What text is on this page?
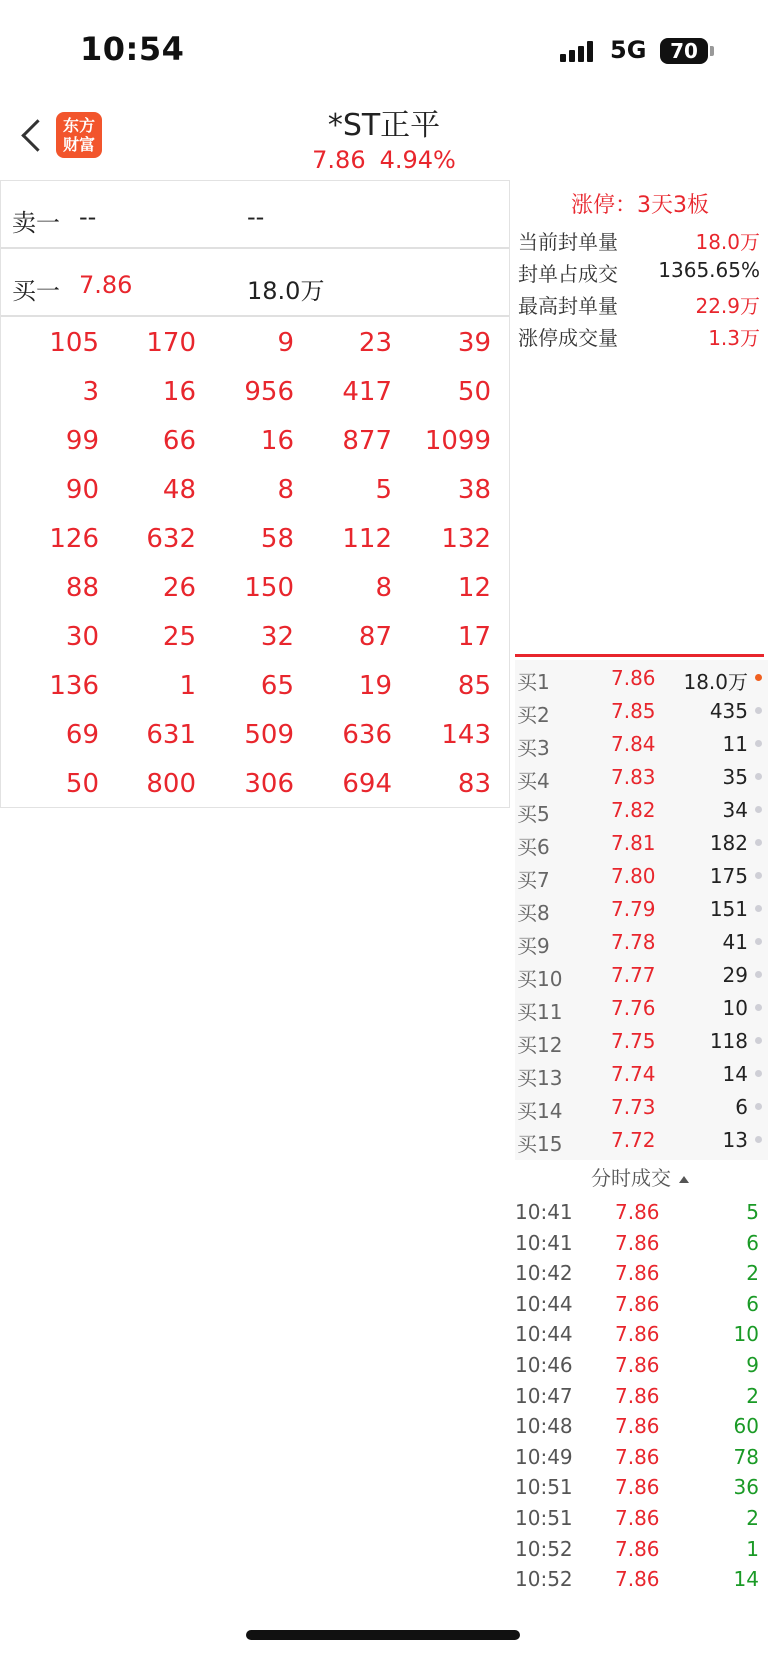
10:54	5G	70
东方
财富
*ST正平
7.86 4.94%
卖一 --	--
买一 7.86	18.0万
105	170	9	23	39
3	16	956	417	50
99	66	16	877	1099
90	48	8	5	38
126	632	58	112	132
88	26	150	8	12
30	25	32	87	17
136	1	65	19	85
69	631	509	636	143
50	800	306	694	83
涨停：3天3板
当前封单量	18.0万
封单占成交 1365.65%
最高封单量	22.9万
涨停成交量	1.3万
买1	7.86 18.0万
买2	7.85	435
买3	7.84	11
买4	7.83	35
买5	7.82	34
买6	7.81	182
买7	7.80	175
买8	7.79	151
买9	7.78	41
买10 7.77	29
买11 7.76	10
买12 7.75	118
买13 7.74	14
买14 7.73	6
买15 7.72	13
分时成交
10:41 7.86	5
10:41 7.86	6
10:42 7.86	2
10:44 7.86	6
10:44 7.86	10
10:46 7.86	9
10:47 7.86	2
10:48 7.86	60
10:49 7.86	78
10:51 7.86	36
10:51 7.86	2
10:52 7.86	1
10:52 7.86	14
